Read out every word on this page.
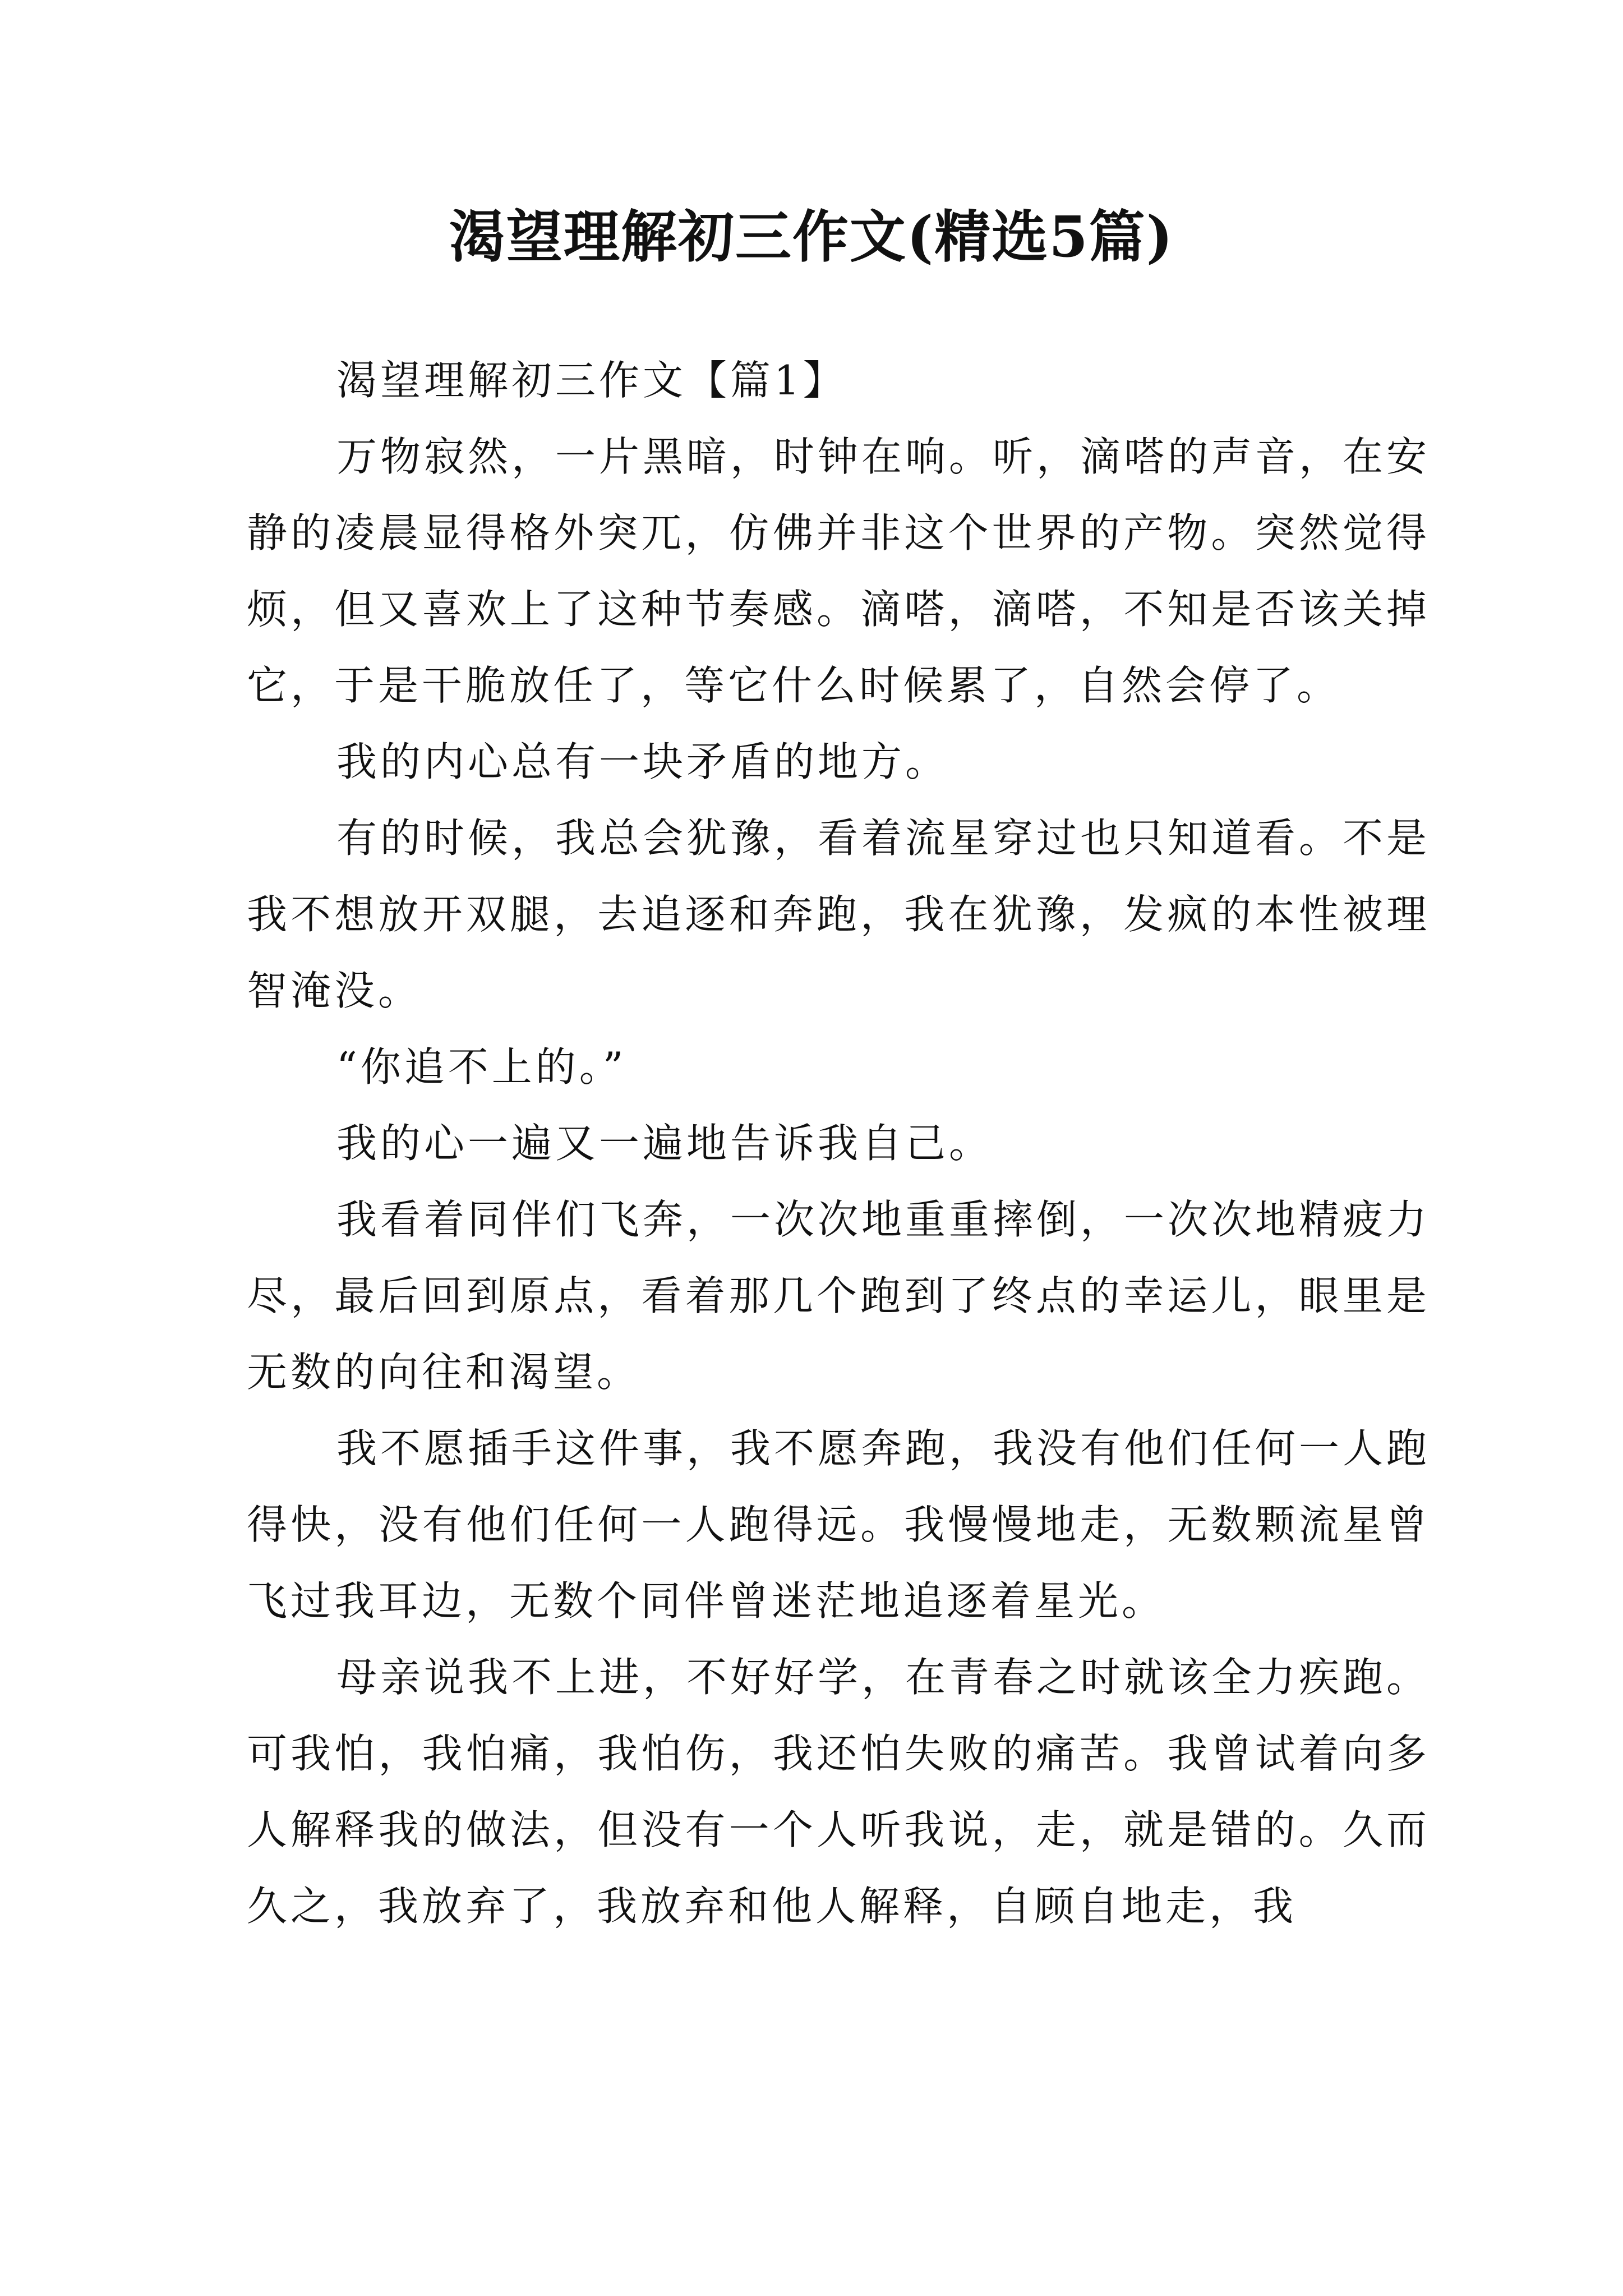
渴望理解初三作文(精选5篇)

渴望理解初三作文【篇1】

万物寂然，一片黑暗，时钟在响。听，滴嗒的声音，在安静的凌晨显得格外突兀，仿佛并非这个世界的产物。突然觉得烦，但又喜欢上了这种节奏感。滴嗒，滴嗒，不知是否该关掉它，于是干脆放任了，等它什么时候累了，自然会停了。

我的内心总有一块矛盾的地方。

有的时候，我总会犹豫，看着流星穿过也只知道看。不是我不想放开双腿，去追逐和奔跑，我在犹豫，发疯的本性被理智淹没。

“你追不上的。”

我的心一遍又一遍地告诉我自己。

我看着同伴们飞奔，一次次地重重摔倒，一次次地精疲力尽，最后回到原点，看着那几个跑到了终点的幸运儿，眼里是无数的向往和渴望。

我不愿插手这件事，我不愿奔跑，我没有他们任何一人跑得快，没有他们任何一人跑得远。我慢慢地走，无数颗流星曾飞过我耳边，无数个同伴曾迷茫地追逐着星光。

母亲说我不上进，不好好学，在青春之时就该全力疾跑。可我怕，我怕痛，我怕伤，我还怕失败的痛苦。我曾试着向多人解释我的做法，但没有一个人听我说，走，就是错的。久而久之，我放弃了，我放弃和他人解释，自顾自地走，我
